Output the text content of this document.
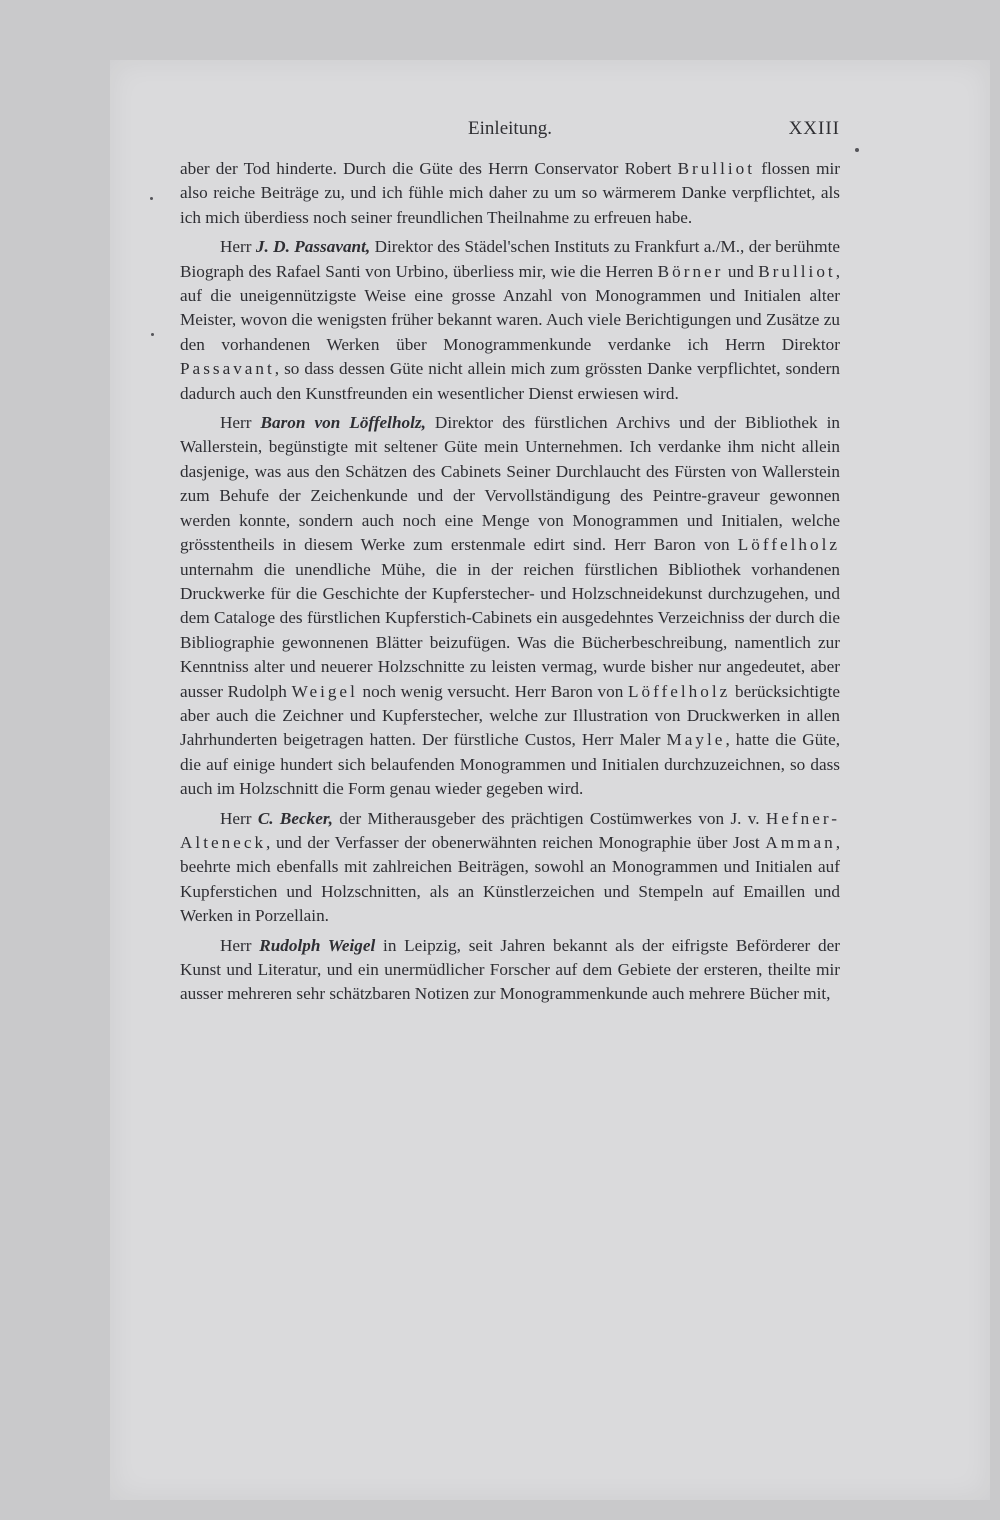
Einleitung.	XXIII

aber der Tod hinderte. Durch die Güte des Herrn Conservator Robert Brulliot flossen mir also reiche Beiträge zu, und ich fühle mich daher zu um so wärmerem Danke verpflichtet, als ich mich überdiess noch seiner freundlichen Theilnahme zu erfreuen habe.

Herr J. D. Passavant, Direktor des Städel'schen Instituts zu Frankfurt a./M., der berühmte Biograph des Rafael Santi von Urbino, überliess mir, wie die Herren Börner und Brulliot, auf die uneigennützigste Weise eine grosse Anzahl von Monogrammen und Initialen alter Meister, wovon die wenigsten früher bekannt waren. Auch viele Berichtigungen und Zusätze zu den vorhandenen Werken über Monogrammenkunde verdanke ich Herrn Direktor Passavant, so dass dessen Güte nicht allein mich zum grössten Danke verpflichtet, sondern dadurch auch den Kunstfreunden ein wesentlicher Dienst erwiesen wird.

Herr Baron von Löffelholz, Direktor des fürstlichen Archivs und der Bibliothek in Wallerstein, begünstigte mit seltener Güte mein Unternehmen. Ich verdanke ihm nicht allein dasjenige, was aus den Schätzen des Cabinets Seiner Durchlaucht des Fürsten von Wallerstein zum Behufe der Zeichenkunde und der Vervollständigung des Peintre-graveur gewonnen werden konnte, sondern auch noch eine Menge von Monogrammen und Initialen, welche grösstentheils in diesem Werke zum erstenmale edirt sind. Herr Baron von Löffelholz unternahm die unendliche Mühe, die in der reichen fürstlichen Bibliothek vorhandenen Druckwerke für die Geschichte der Kupferstecher- und Holzschneidekunst durchzugehen, und dem Cataloge des fürstlichen Kupferstich-Cabinets ein ausgedehntes Verzeichniss der durch die Bibliographie gewonnenen Blätter beizufügen. Was die Bücherbeschreibung, namentlich zur Kenntniss alter und neuerer Holzschnitte zu leisten vermag, wurde bisher nur angedeutet, aber ausser Rudolph Weigel noch wenig versucht. Herr Baron von Löffelholz berücksichtigte aber auch die Zeichner und Kupferstecher, welche zur Illustration von Druckwerken in allen Jahrhunderten beigetragen hatten. Der fürstliche Custos, Herr Maler Mayle, hatte die Güte, die auf einige hundert sich belaufenden Monogrammen und Initialen durchzuzeichnen, so dass auch im Holzschnitt die Form genau wieder gegeben wird.

Herr C. Becker, der Mitherausgeber des prächtigen Costümwerkes von J. v. Hefner-Alteneck, und der Verfasser der obenerwähnten reichen Monographie über Jost Amman, beehrte mich ebenfalls mit zahlreichen Beiträgen, sowohl an Monogrammen und Initialen auf Kupferstichen und Holzschnitten, als an Künstlerzeichen und Stempeln auf Emaillen und Werken in Porzellain.

Herr Rudolph Weigel in Leipzig, seit Jahren bekannt als der eifrigste Beförderer der Kunst und Literatur, und ein unermüdlicher Forscher auf dem Gebiete der ersteren, theilte mir ausser mehreren sehr schätzbaren Notizen zur Monogrammenkunde auch mehrere Bücher mit,
